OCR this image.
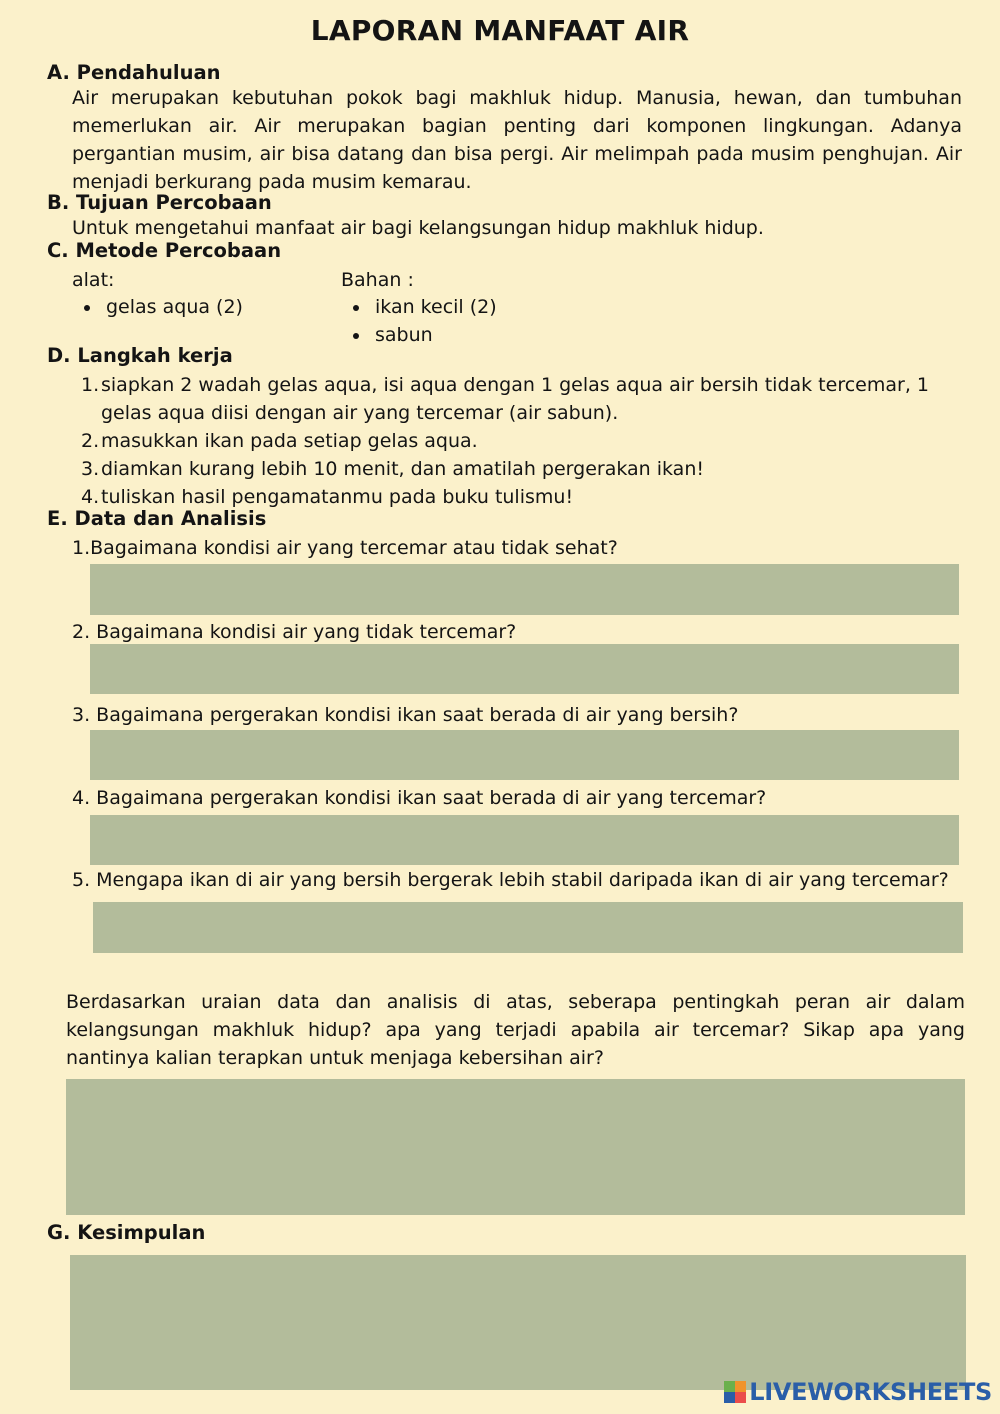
LAPORAN MANFAAT AIR
A. Pendahuluan
Air merupakan kebutuhan pokok bagi makhluk hidup. Manusia, hewan, dan tumbuhan memerlukan air. Air merupakan bagian penting dari komponen lingkungan. Adanya pergantian musim, air bisa datang dan bisa pergi. Air melimpah pada musim penghujan. Air menjadi berkurang pada musim kemarau.
B. Tujuan Percobaan
Untuk mengetahui manfaat air bagi kelangsungan hidup makhluk hidup.
C. Metode Percobaan
alat:
gelas aqua (2)
Bahan :
ikan kecil (2)
sabun
D. Langkah kerja
1. siapkan 2 wadah gelas aqua, isi aqua dengan 1 gelas aqua air bersih tidak tercemar, 1 gelas aqua diisi dengan air yang tercemar (air sabun).
2. masukkan ikan pada setiap gelas aqua.
3. diamkan kurang lebih 10 menit, dan amatilah pergerakan ikan!
4. tuliskan hasil pengamatanmu pada buku tulismu!
E. Data dan Analisis
1.Bagaimana kondisi air yang tercemar atau tidak sehat?
2. Bagaimana kondisi air yang tidak tercemar?
3. Bagaimana pergerakan kondisi ikan saat berada di air yang bersih?
4. Bagaimana pergerakan kondisi ikan saat berada di air yang tercemar?
5. Mengapa ikan di air yang bersih bergerak lebih stabil daripada ikan di air yang tercemar?
Berdasarkan uraian data dan analisis di atas, seberapa pentingkah peran air dalam kelangsungan makhluk hidup? apa yang terjadi apabila air tercemar? Sikap apa yang nantinya kalian terapkan untuk menjaga kebersihan air?
G. Kesimpulan
LIVEWORKSHEETS
